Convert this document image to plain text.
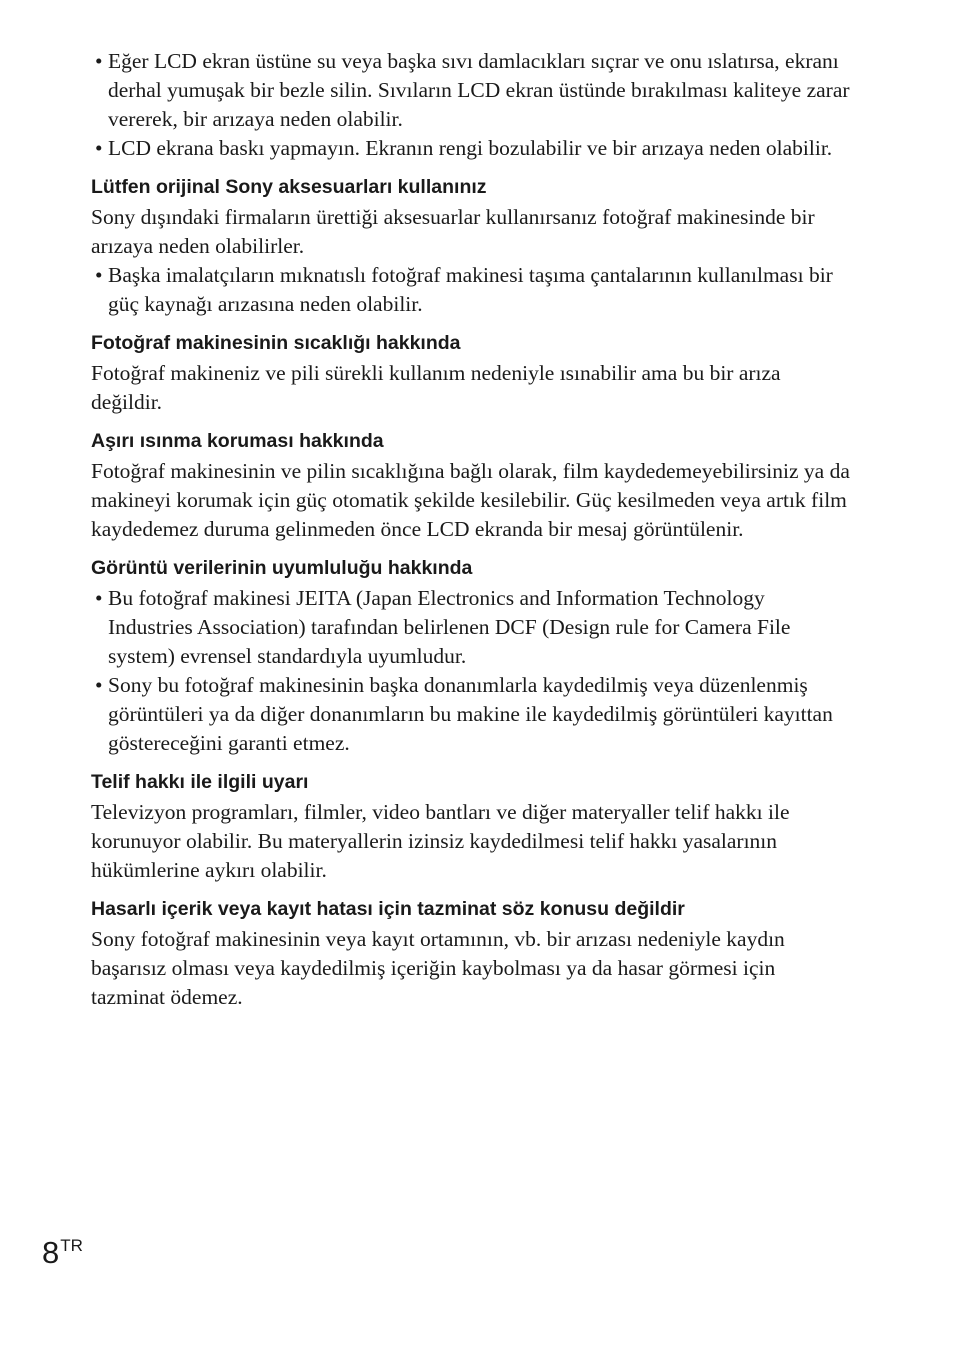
• Eğer LCD ekran üstüne su veya başka sıvı damlacıkları sıçrar ve onu ıslatırsa, ekranı derhal yumuşak bir bezle silin. Sıvıların LCD ekran üstünde bırakılması kaliteye zarar vererek, bir arızaya neden olabilir.
• LCD ekrana baskı yapmayın. Ekranın rengi bozulabilir ve bir arızaya neden olabilir.
Lütfen orijinal Sony aksesuarları kullanınız

Sony dışındaki firmaların ürettiği aksesuarlar kullanırsanız fotoğraf makinesinde bir arızaya neden olabilirler.

• Başka imalatçıların mıknatıslı fotoğraf makinesi taşıma çantalarının kullanılması bir güç kaynağı arızasına neden olabilir.
Fotoğraf makinesinin sıcaklığı hakkında

Fotoğraf makineniz ve pili sürekli kullanım nedeniyle ısınabilir ama bu bir arıza değildir.

Aşırı ısınma koruması hakkında

Fotoğraf makinesinin ve pilin sıcaklığına bağlı olarak, film kaydedemeyebilirsiniz ya da makineyi korumak için güç otomatik şekilde kesilebilir. Güç kesilmeden veya artık film kaydedemez duruma gelinmeden önce LCD ekranda bir mesaj görüntülenir.

Görüntü verilerinin uyumluluğu hakkında
• Bu fotoğraf makinesi JEITA (Japan Electronics and Information Technology Industries Association) tarafından belirlenen DCF (Design rule for Camera File system) evrensel standardıyla uyumludur.
• Sony bu fotoğraf makinesinin başka donanımlarla kaydedilmiş veya düzenlenmiş görüntüleri ya da diğer donanımların bu makine ile kaydedilmiş görüntüleri kayıttan göstereceğini garanti etmez.
Telif hakkı ile ilgili uyarı

Televizyon programları, filmler, video bantları ve diğer materyaller telif hakkı ile korunuyor olabilir. Bu materyallerin izinsiz kaydedilmesi telif hakkı yasalarının hükümlerine aykırı olabilir.

Hasarlı içerik veya kayıt hatası için tazminat söz konusu değildir

Sony fotoğraf makinesinin veya kayıt ortamının, vb. bir arızası nedeniyle kaydın başarısız olması veya kaydedilmiş içeriğin kaybolması ya da hasar görmesi için tazminat ödemez.

$8^{TR}$
